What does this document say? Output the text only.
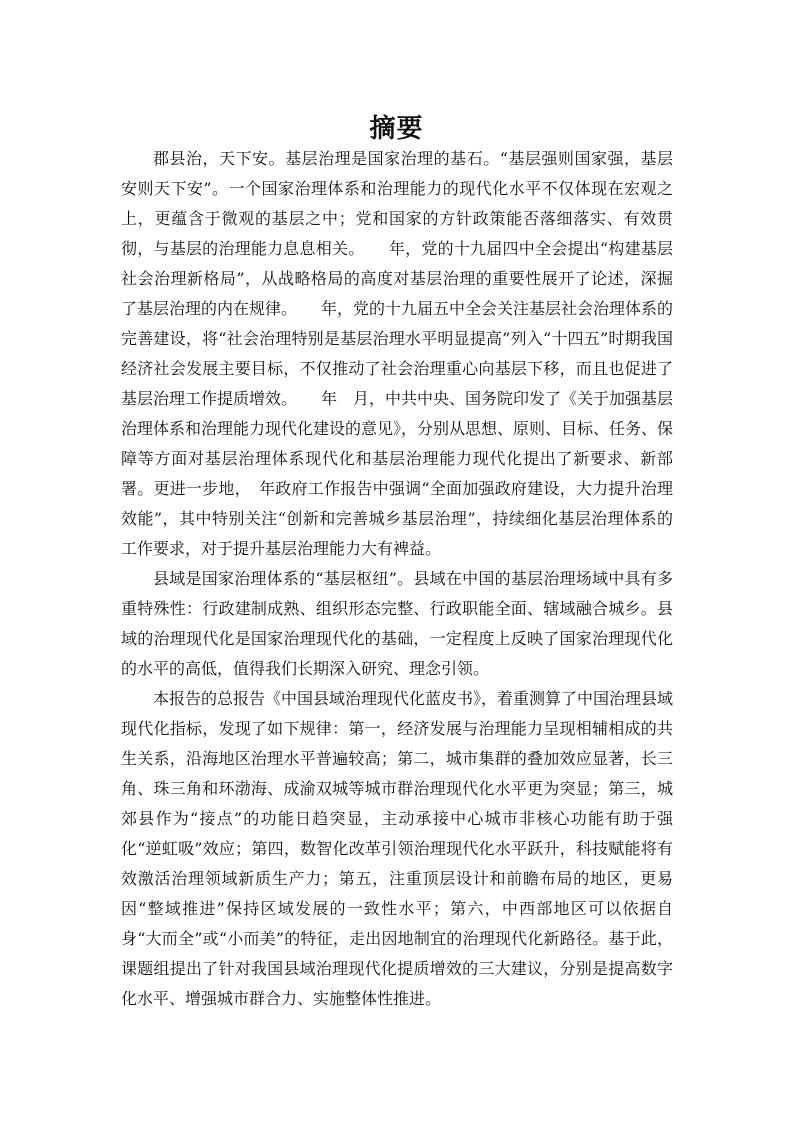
摘要

郡县治，天下安。基层治理是国家治理的基石。“基层强则国家强，基层安则天下安”。一个国家治理体系和治理能力的现代化水平不仅体现在宏观之上，更蕴含于微观的基层之中；党和国家的方针政策能否落细落实、有效贯彻，与基层的治理能力息息相关。　　年，党的十九届四中全会提出“构建基层社会治理新格局”，从战略格局的高度对基层治理的重要性展开了论述，深掘了基层治理的内在规律。　　年，党的十九届五中全会关注基层社会治理体系的完善建设，将“社会治理特别是基层治理水平明显提高”列入“十四五”时期我国经济社会发展主要目标，不仅推动了社会治理重心向基层下移，而且也促进了基层治理工作提质增效。　　年　月，中共中央、国务院印发了《关于加强基层治理体系和治理能力现代化建设的意见》，分别从思想、原则、目标、任务、保障等方面对基层治理体系现代化和基层治理能力现代化提出了新要求、新部署。更进一步地，　年政府工作报告中强调“全面加强政府建设，大力提升治理效能”，其中特别关注“创新和完善城乡基层治理”，持续细化基层治理体系的工作要求，对于提升基层治理能力大有裨益。

县域是国家治理体系的“基层枢纽”。县域在中国的基层治理场域中具有多重特殊性：行政建制成熟、组织形态完整、行政职能全面、辖域融合城乡。县域的治理现代化是国家治理现代化的基础，一定程度上反映了国家治理现代化的水平的高低，值得我们长期深入研究、理念引领。

本报告的总报告《中国县域治理现代化蓝皮书》，着重测算了中国治理县域现代化指标，发现了如下规律：第一，经济发展与治理能力呈现相辅相成的共生关系，沿海地区治理水平普遍较高；第二，城市集群的叠加效应显著，长三角、珠三角和环渤海、成渝双城等城市群治理现代化水平更为突显；第三，城郊县作为“接点”的功能日趋突显，主动承接中心城市非核心功能有助于强化“逆虹吸”效应；第四，数智化改革引领治理现代化水平跃升，科技赋能将有效激活治理领域新质生产力；第五，注重顶层设计和前瞻布局的地区，更易因“整域推进”保持区域发展的一致性水平；第六，中西部地区可以依据自身“大而全”或“小而美”的特征，走出因地制宜的治理现代化新路径。基于此，课题组提出了针对我国县域治理现代化提质增效的三大建议，分别是提高数字化水平、增强城市群合力、实施整体性推进。
